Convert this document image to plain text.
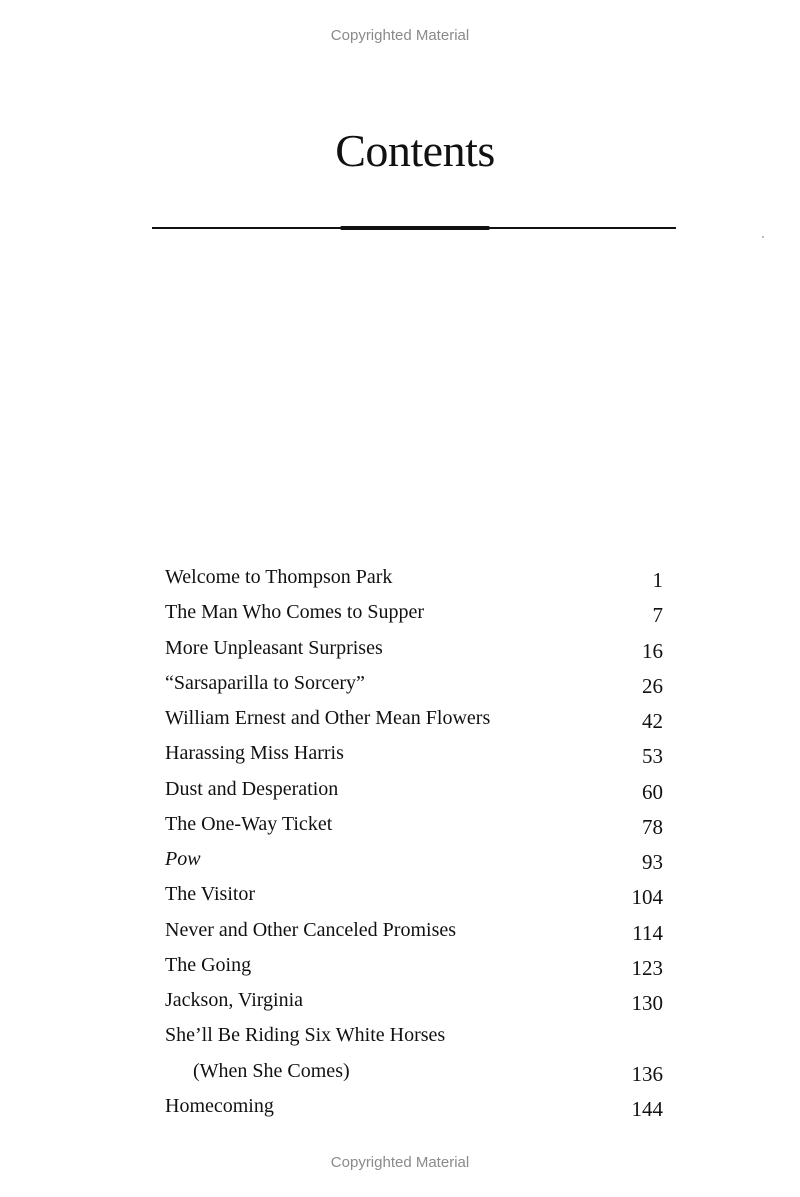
Copyrighted Material
Contents
Welcome to Thompson Park	1
The Man Who Comes to Supper	7
More Unpleasant Surprises	16
“Sarsaparilla to Sorcery”	26
William Ernest and Other Mean Flowers	42
Harassing Miss Harris	53
Dust and Desperation	60
The One-Way Ticket	78
Pow	93
The Visitor	104
Never and Other Canceled Promises	114
The Going	123
Jackson, Virginia	130
She’ll Be Riding Six White Horses
(When She Comes)	136
Homecoming	144
Copyrighted Material
